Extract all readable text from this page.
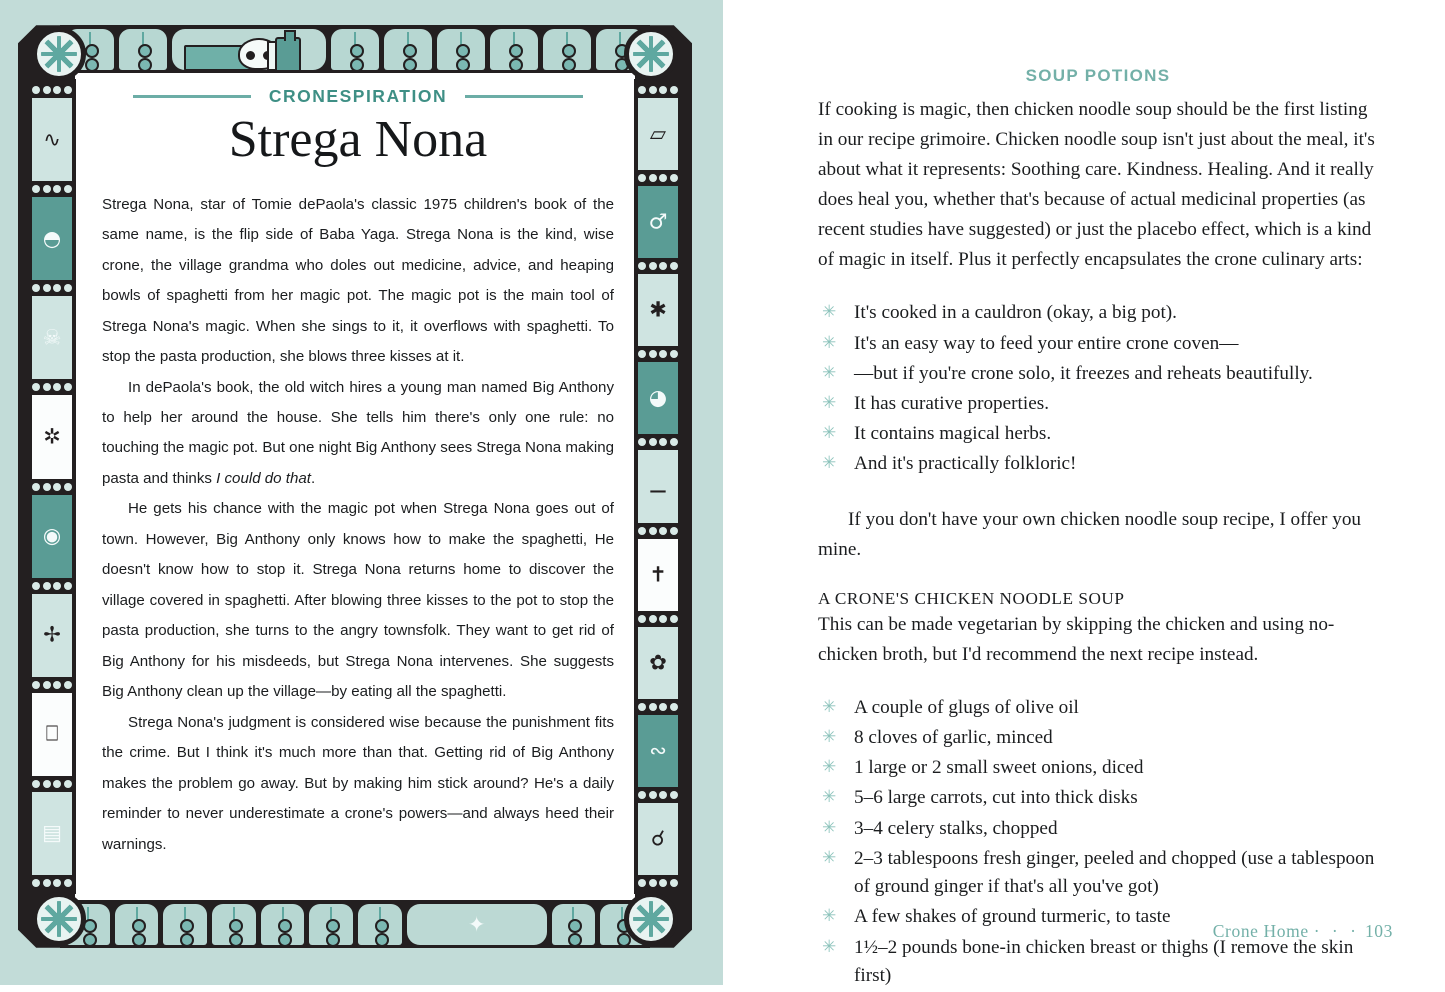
✦
∿
◓
☠
✲
◉
✢
⎕
▤
▱
♂
✱
◕
⚊
✝
✿
∾
☌
CRONESPIRATION
Strega Nona

Strega Nona, star of Tomie dePaola's classic 1975 children's book of the same name, is the flip side of Baba Yaga. Strega Nona is the kind, wise crone, the village grandma who doles out medicine, advice, and heaping bowls of spaghetti from her magic pot. The magic pot is the main tool of Strega Nona's magic. When she sings to it, it overflows with spaghetti. To stop the pasta production, she blows three kisses at it.

In dePaola's book, the old witch hires a young man named Big Anthony to help her around the house. She tells him there's only one rule: no touching the magic pot. But one night Big Anthony sees Strega Nona making pasta and thinks I could do that.

He gets his chance with the magic pot when Strega Nona goes out of town. However, Big Anthony only knows how to make the spaghetti, He doesn't know how to stop it. Strega Nona returns home to discover the village covered in spaghetti. After blowing three kisses to the pot to stop the pasta production, she turns to the angry townsfolk. They want to get rid of Big Anthony for his misdeeds, but Strega Nona intervenes. She suggests Big Anthony clean up the village—by eating all the spaghetti.

Strega Nona's judgment is considered wise because the punishment fits the crime. But I think it's much more than that. Getting rid of Big Anthony makes the problem go away. But by making him stick around? He's a daily reminder to never underestimate a crone's powers—and always heed their warnings.

SOUP POTIONS

If cooking is magic, then chicken noodle soup should be the first listing in our recipe grimoire. Chicken noodle soup isn't just about the meal, it's about what it represents: Soothing care. Kindness. Healing. And it really does heal you, whether that's because of actual medicinal properties (as recent studies have suggested) or just the placebo effect, which is a kind of magic in itself. Plus it perfectly encapsulates the crone culinary arts:

✳ It's cooked in a cauldron (okay, a big pot).
✳ It's an easy way to feed your entire crone coven—
✳ —but if you're crone solo, it freezes and reheats beautifully.
✳ It has curative properties.
✳ It contains magical herbs.
✳ And it's practically folkloric!

If you don't have your own chicken noodle soup recipe, I offer you mine.

A CRONE'S CHICKEN NOODLE SOUP

This can be made vegetarian by skipping the chicken and using no-chicken broth, but I'd recommend the next recipe instead.

✳ A couple of glugs of olive oil
✳ 8 cloves of garlic, minced
✳ 1 large or 2 small sweet onions, diced
✳ 5–6 large carrots, cut into thick disks
✳ 3–4 celery stalks, chopped
✳ 2–3 tablespoons fresh ginger, peeled and chopped (use a tablespoon of ground ginger if that's all you've got)
✳ A few shakes of ground turmeric, to taste
✳ 1½–2 pounds bone-in chicken breast or thighs (I remove the skin first)
Crone Home · · · 103
